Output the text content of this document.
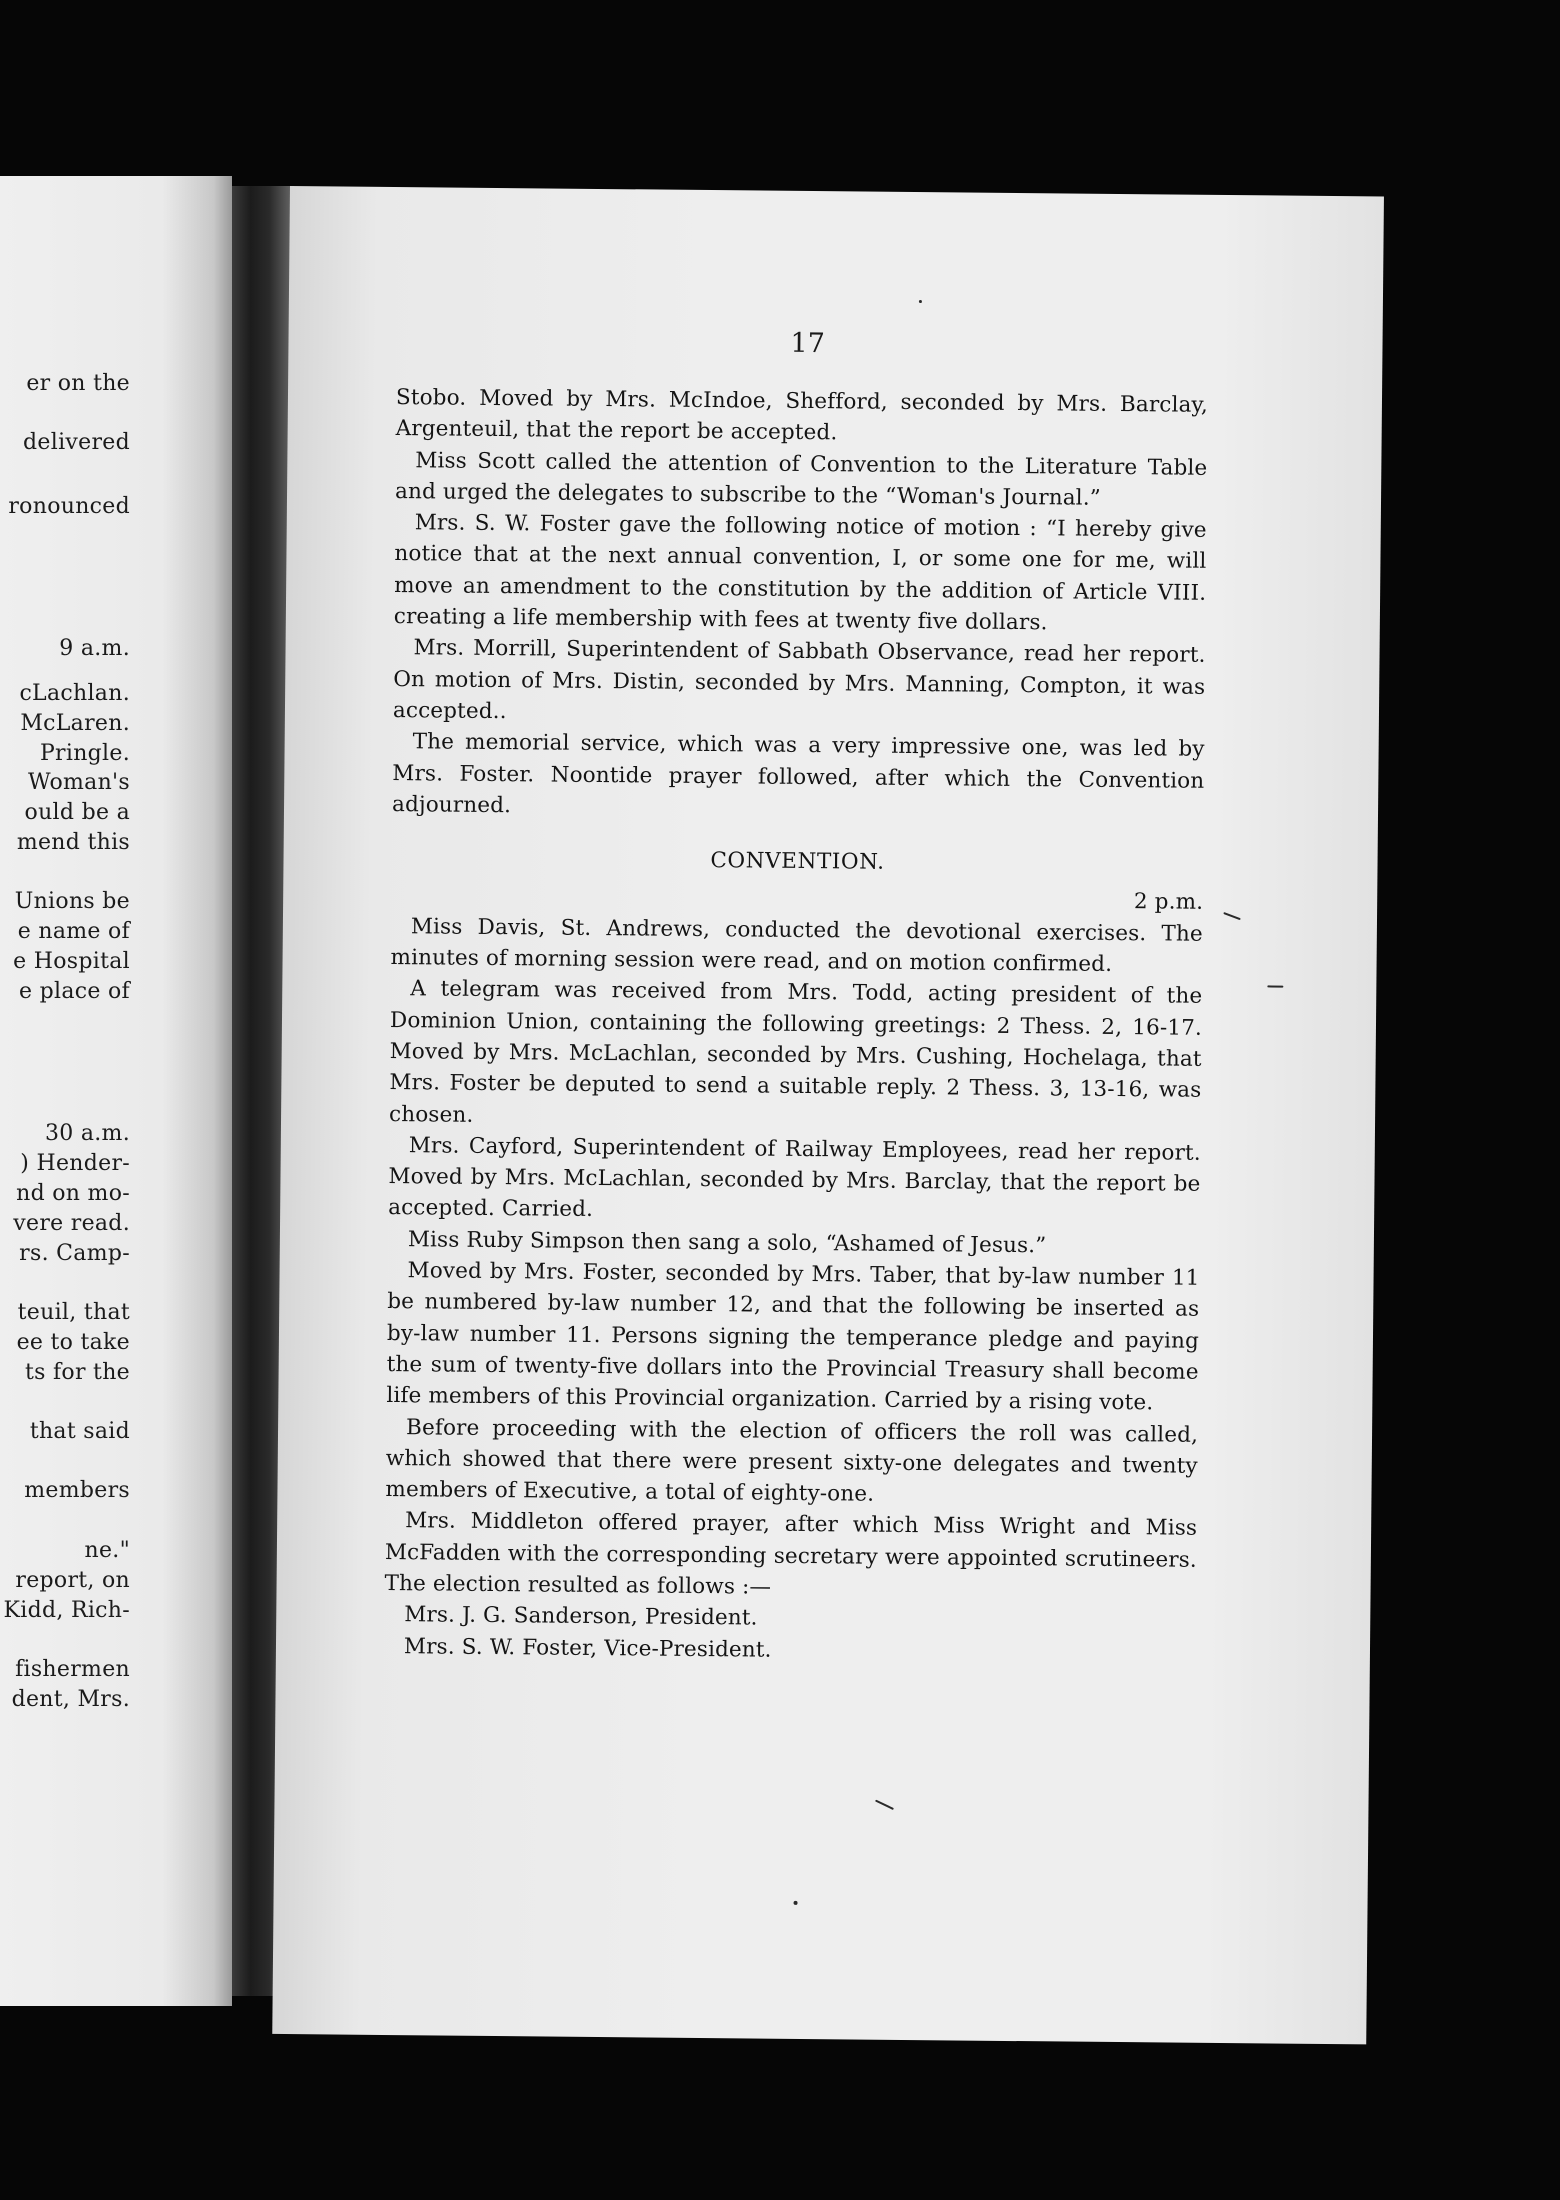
er on the
delivered
ronounced
9 a.m.
cLachlan.
McLaren.
Pringle.
Woman's
ould be a
mend this
Unions be
e name of
e Hospital
e place of
30 a.m.
) Hender-
nd on mo-
vere read.
rs. Camp-
teuil, that
ee to take
ts for the
that said
members
ne."
report, on
Kidd, Rich-
fishermen
dent, Mrs.
17

Stobo. Moved by Mrs. McIndoe, Shefford, seconded by Mrs. Barclay, Argenteuil, that the report be accepted.

Miss Scott called the attention of Convention to the Literature Table and urged the delegates to subscribe to the “Woman's Journal.”

Mrs. S. W. Foster gave the following notice of motion : “I hereby give notice that at the next annual convention, I, or some one for me, will move an amendment to the constitution by the addition of Article VIII. creating a life membership with fees at twenty five dollars.

Mrs. Morrill, Superintendent of Sabbath Observance, read her report. On motion of Mrs. Distin, seconded by Mrs. Manning, Compton, it was accepted..

The memorial service, which was a very impressive one, was led by Mrs. Foster. Noontide prayer followed, after which the Convention adjourned.

CONVENTION.

2 p.m.

Miss Davis, St. Andrews, conducted the devotional exercises. The minutes of morning session were read, and on motion confirmed.

A telegram was received from Mrs. Todd, acting president of the Dominion Union, containing the following greetings: 2 Thess. 2, 16-17. Moved by Mrs. McLachlan, seconded by Mrs. Cushing, Hochelaga, that Mrs. Foster be deputed to send a suitable reply. 2 Thess. 3, 13-16, was chosen.

Mrs. Cayford, Superintendent of Railway Employees, read her report. Moved by Mrs. McLachlan, seconded by Mrs. Barclay, that the report be accepted. Carried.

Miss Ruby Simpson then sang a solo, “Ashamed of Jesus.”

Moved by Mrs. Foster, seconded by Mrs. Taber, that by-law number 11 be numbered by-law number 12, and that the following be inserted as by-law number 11. Persons signing the temperance pledge and paying the sum of twenty-five dollars into the Provincial Treasury shall become life members of this Provincial organization. Carried by a rising vote.

Before proceeding with the election of officers the roll was called, which showed that there were present sixty-one delegates and twenty members of Executive, a total of eighty-one.

Mrs. Middleton offered prayer, after which Miss Wright and Miss McFadden with the corresponding secretary were appointed scrutineers. The election resulted as follows :—

Mrs. J. G. Sanderson, President.

Mrs. S. W. Foster, Vice-President.
